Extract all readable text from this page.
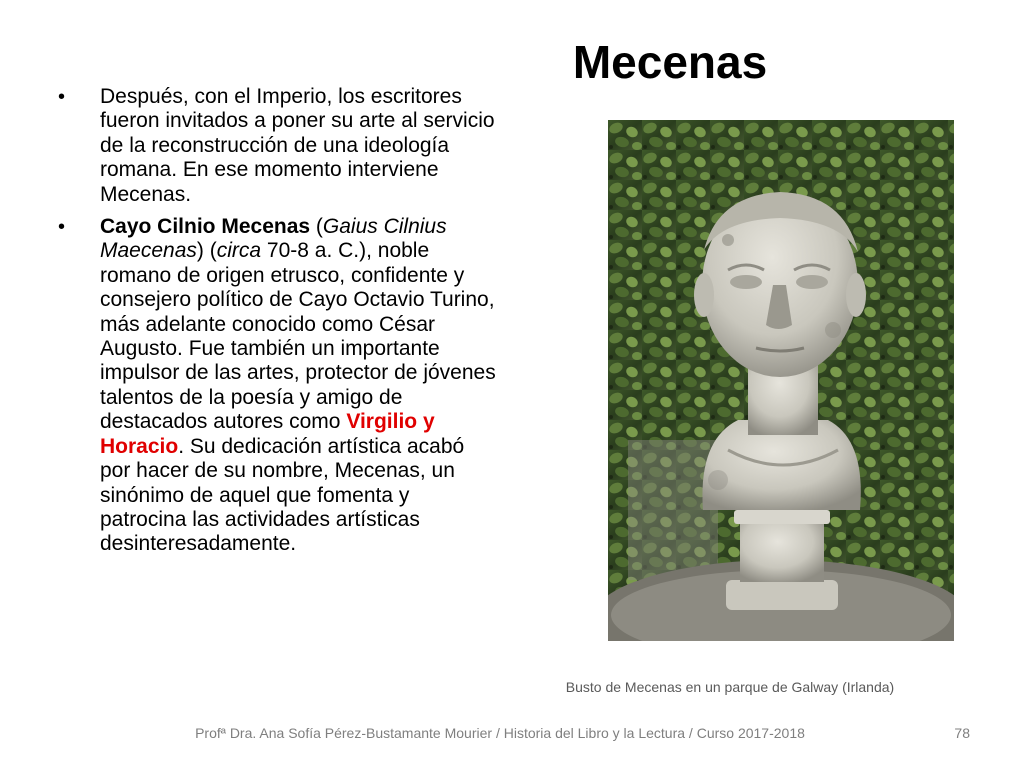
Mecenas
•	Después, con el Imperio, los escritores fueron invitados a poner su arte al servicio de la reconstrucción de una ideología romana. En ese momento interviene Mecenas.
•	Cayo Cilnio Mecenas (Gaius Cilnius Maecenas) (circa 70-8 a. C.), noble romano de origen etrusco, confidente y consejero político de Cayo Octavio Turino, más adelante conocido como César Augusto. Fue también un importante impulsor de las artes, protector de jóvenes talentos de la poesía y amigo de destacados autores como Virgilio y Horacio. Su dedicación artística acabó por hacer de su nombre, Mecenas, un sinónimo de aquel que fomenta y patrocina las actividades artísticas desinteresadamente.
Busto de Mecenas en un parque de Galway (Irlanda)
Profª Dra. Ana Sofía Pérez-Bustamante Mourier / Historia del Libro y la Lectura / Curso 2017-2018	78
